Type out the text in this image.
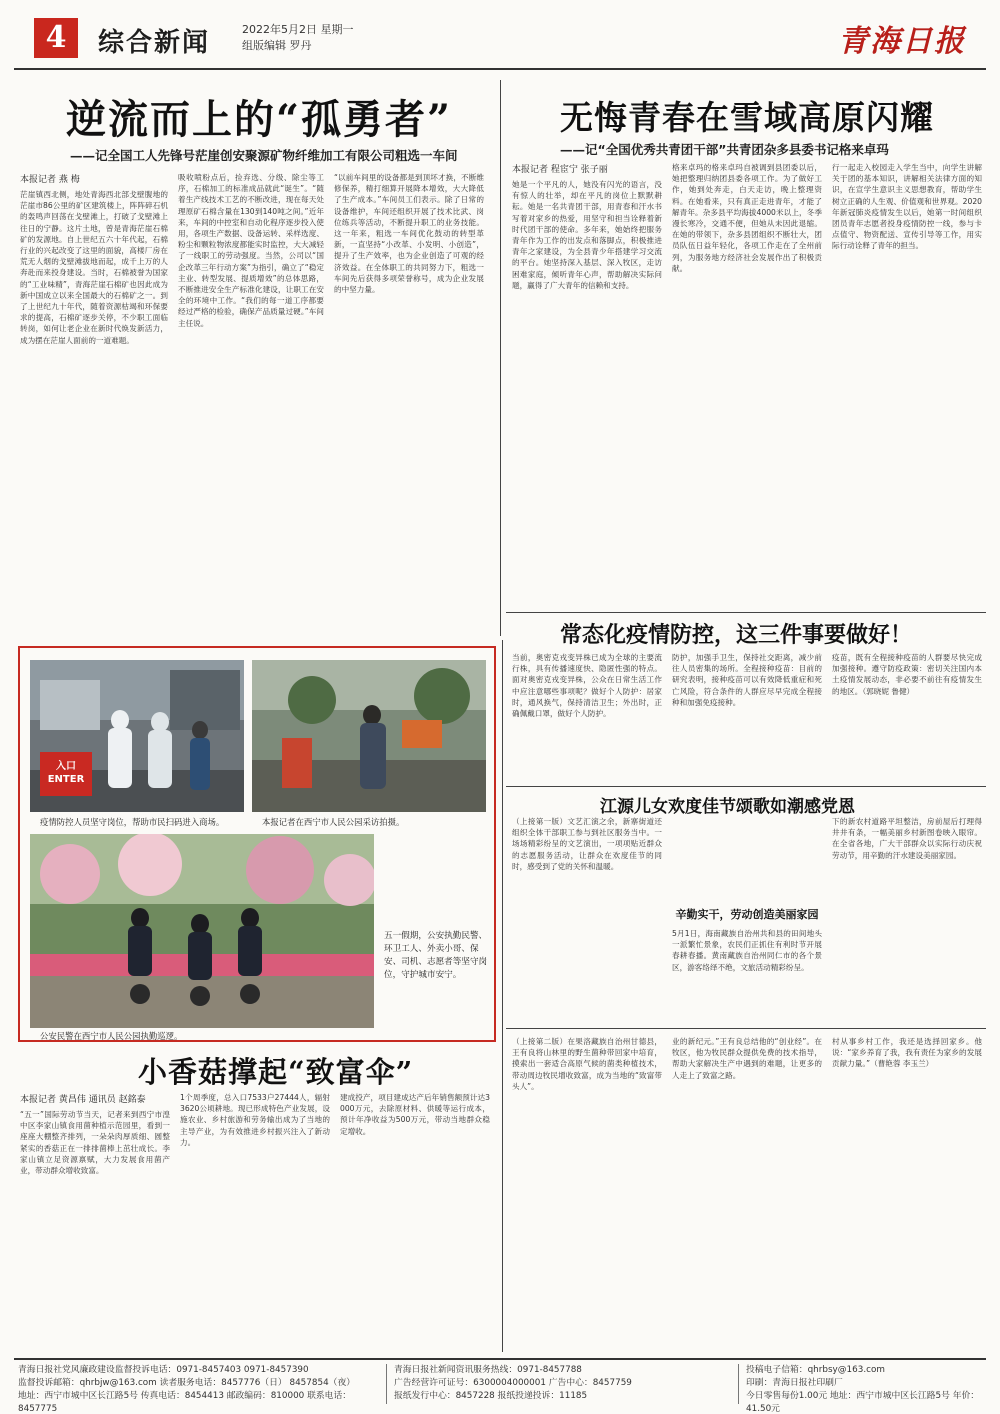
4	综合新闻	2022年5月2日 星期一
组版编辑 罗丹	青海日报
逆流而上的“孤勇者”
——记全国工人先锋号茫崖创安聚源矿物纤维加工有限公司粗选一车间
本报记者 燕 梅
茫崖镇西北侧，地处青海西北部戈壁腹地的茫崖市86公里的矿区建筑楼上，阵阵碎石机的轰鸣声回荡在戈壁滩上，打破了戈壁滩上往日的宁静。这片土地，曾是青海茫崖石棉矿的发源地。自上世纪五六十年代起，石棉行业的兴起改变了这里的面貌，高楼厂房在荒无人烟的戈壁滩拔地而起，成千上万的人奔赴而来投身建设。当时，石棉被誉为国家的“工业味精”，青海茫崖石棉矿也因此成为新中国成立以来全国最大的石棉矿之一。到了上世纪九十年代，随着资源枯竭和环保要求的提高，石棉矿逐步关停，不少职工面临转岗，如何让老企业在新时代焕发新活力，成为摆在茫崖人面前的一道难题。
吸收喷粉点后，捡弃选、分级、除尘等工序，石棉加工的标准成品就此“诞生”。“随着生产线技术工艺的不断改进，现在每天处理原矿石棉含量在130到140吨之间。”近年来，车间的中控室和自动化程序逐步投入使用，各项生产数据、设备运转、采样选度、粉尘和颗粒物浓度都能实时监控，大大减轻了一线职工的劳动强度。当然，公司以“国企改革三年行动方案”为指引，确立了“稳定主业、转型发展、提质增效”的总体思路，不断推进安全生产标准化建设，让职工在安全的环境中工作。“我们的每一道工序都要经过严格的检验，确保产品质量过硬。”车间主任说。
“以前车间里的设备都是到顶坏才换，不断维修保养，精打细算开展降本增效，大大降低了生产成本。”车间员工们表示。除了日常的设备维护，车间还组织开展了技术比武、岗位练兵等活动，不断提升职工的业务技能。这一年来，粗选一车间优化鼓动的转型革新，一直坚持“小改革、小发明、小创造”，提升了生产效率，也为企业创造了可观的经济效益。在全体职工的共同努力下，粗选一车间先后获得多项荣誉称号，成为企业发展的中坚力量。
无悔青春在雪域高原闪耀
——记“全国优秀共青团干部”共青团杂多县委书记格来卓玛
本报记者 程宦宁 张子丽
她是一个平凡的人，她没有闪光的语言，没有惊人的壮举，却在平凡的岗位上默默耕耘。她是一名共青团干部，用青春和汗水书写着对家乡的热爱，用坚守和担当诠释着新时代团干部的使命。多年来，她始终把服务青年作为工作的出发点和落脚点，积极推进青年之家建设，为全县青少年搭建学习交流的平台。她坚持深入基层、深入牧区，走访困难家庭，倾听青年心声，帮助解决实际问题，赢得了广大青年的信赖和支持。
格来卓玛的格来卓玛自被调到县团委以后，她把整理归纳团县委各项工作。为了做好工作，她到处奔走，白天走访，晚上整理资料。在她看来，只有真正走进青年，才能了解青年。杂多县平均海拔4000米以上，冬季漫长寒冷，交通不便，但她从未因此退缩。在她的带领下，杂多县团组织不断壮大，团员队伍日益年轻化，各项工作走在了全州前列，为服务地方经济社会发展作出了积极贡献。
行一起走入校园走入学生当中，向学生讲解关于团的基本知识，讲解相关法律方面的知识，在宣学生意识主义思想教育，帮助学生树立正确的人生观、价值观和世界观。2020年新冠肺炎疫情发生以后，她第一时间组织团员青年志愿者投身疫情防控一线，参与卡点值守、物资配送、宣传引导等工作，用实际行动诠释了青年的担当。
入口 ENTER
疫情防控人员坚守岗位，帮助市民扫码进入商场。	本报记者在西宁市人民公园采访拍摄。
公安民警在西宁市人民公园执勤巡逻。
五一假期，公安执勤民警、环卫工人、外卖小哥、保安、司机、志愿者等坚守岗位，守护城市安宁。
小香菇撑起“致富伞”
本报记者 黄昌伟 通讯员 赵銘泰
“五一”国际劳动节当天，记者来到西宁市湟中区李家山镇食用菌种植示范园里，看到一座座大棚整齐排列，一朵朵肉厚质细、圆整紧实的香菇正在一排排菌棒上茁壮成长。李家山镇立足资源禀赋，大力发展食用菌产业，带动群众增收致富。
1个周季度，总入口7533户27444人，辐射3620公顷耕地。现已形成特色产业发展，设施农业、乡村旅游和劳务输出成为了当地的主导产业，为有效推进乡村振兴注入了新动力。
建成投产，项目建成达产后年销售额预计达3000万元，去除原材料、供暖等运行成本，预计年净收益为500万元，带动当地群众稳定增收。
常态化疫情防控，这三件事要做好！
当前，奥密克戎变异株已成为全球的主要流行株，具有传播速度快、隐匿性强的特点。面对奥密克戎变异株，公众在日常生活工作中应注意哪些事项呢？做好个人防护：居家时，通风换气，保持清洁卫生；外出时，正确佩戴口罩，做好个人防护。
防护，加强手卫生，保持社交距离，减少前往人员密集的场所。全程接种疫苗：目前的研究表明，接种疫苗可以有效降低重症和死亡风险，符合条件的人群应尽早完成全程接种和加强免疫接种。
疫苗，既有全程接种疫苗的人群要尽快完成加强接种。遵守防疫政策：密切关注国内本土疫情发展动态，非必要不前往有疫情发生的地区。（郭晓妮 鲁健）
江源儿女欢度佳节颂歌如潮感党恩
（上接第一版）文艺汇演之余，新寨街道还组织全体干部职工参与到社区服务当中。一场场精彩纷呈的文艺演出，一项项贴近群众的志愿服务活动，让群众在欢度佳节的同时，感受到了党的关怀和温暖。
辛勤实干，劳动创造美丽家园
5月1日，海南藏族自治州共和县的田间地头一派繁忙景象，农民们正抓住有利时节开展春耕春播。黄南藏族自治州同仁市的各个景区，游客络绎不绝，文旅活动精彩纷呈。
下的新农村道路平坦整洁，房前屋后打理得井井有条，一幅美丽乡村新图卷映入眼帘。在全省各地，广大干部群众以实际行动庆祝劳动节，用辛勤的汗水建设美丽家园。
（上接第二版）在果洛藏族自治州甘德县，王有良将山林里的野生菌种带回家中培育，摸索出一套适合高原气候的菌类种植技术，带动周边牧民增收致富，成为当地的“致富带头人”。
业的新纪元。”王有良总结他的“创业经”。在牧区，他为牧民群众提供免费的技术指导，帮助大家解决生产中遇到的难题，让更多的人走上了致富之路。
村从事乡村工作，我还是选择回家乡。他说：“家乡养育了我，我有责任为家乡的发展贡献力量。”（曹艳蓉 李玉兰）
青海日报社党风廉政建设监督投诉电话：0971-8457403 0971-8457390
监督投诉邮箱：qhrbjw@163.com 读者服务电话：8457776（日） 8457854（夜）
地址：西宁市城中区长江路5号 传真电话：8454413 邮政编码：810000 联系电话：8457775
青海日报社新闻资讯服务热线：0971-8457788
广告经营许可证号：6300004000001 广告中心：8457759
报纸发行中心：8457228 报纸投递投诉：11185
投稿电子信箱：qhrbsy@163.com
印刷：青海日报社印刷厂
今日零售每份1.00元 地址：西宁市城中区长江路5号 年价：41.50元
